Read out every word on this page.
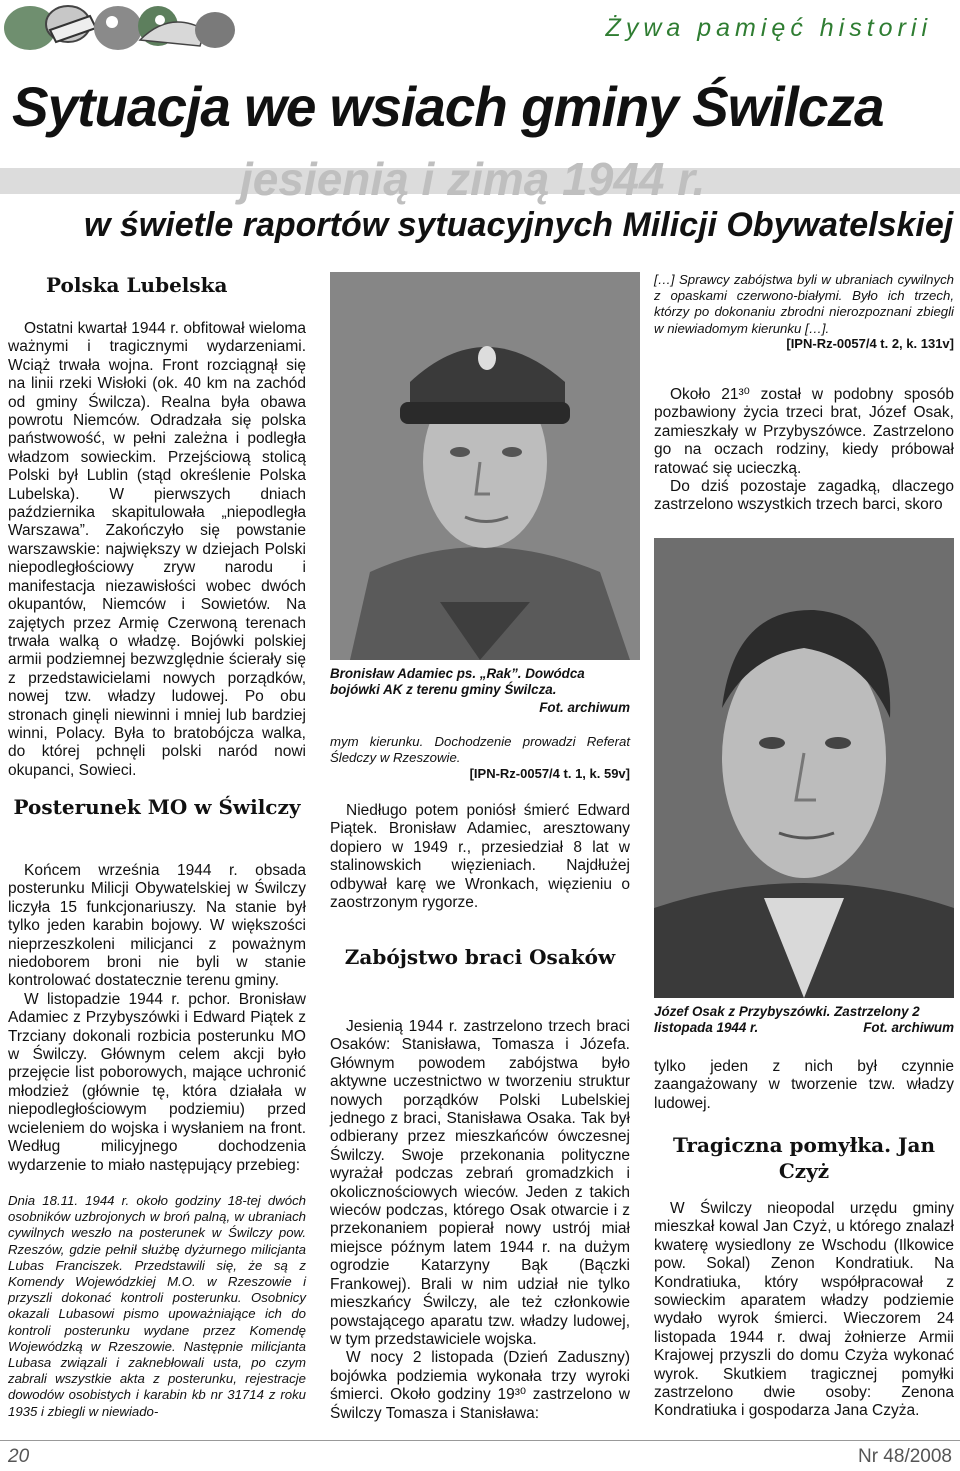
Żywa pamięć historii
jesienią i zimą 1944 r.
Sytuacja we wsiach gminy Świlcza
w świetle raportów sytuacyjnych Milicji Obywatelskiej
Polska Lubelska

Ostatni kwartał 1944 r. obfitował wieloma ważnymi i tragicznymi wydarzeniami. Wciąż trwała wojna. Front rozciągnął się na linii rzeki Wisłoki (ok. 40 km na zachód od gminy Świlcza). Realna była obawa powrotu Niemców. Odradzała się polska państwowość, w pełni zależna i podległa władzom sowieckim. Przejściową stolicą Polski był Lublin (stąd określenie Polska Lubelska). W pierwszych dniach października skapitulowała „niepodległa Warszawa”. Zakończyło się powstanie warszawskie: największy w dziejach Polski niepodległościowy zryw narodu i manifestacja niezawisłości wobec dwóch okupantów, Niemców i Sowietów. Na zajętych przez Armię Czerwoną terenach trwała walką o władzę. Bojówki polskiej armii podziemnej bezwzględnie ścierały się z przedstawicielami nowych porządków, nowej tzw. władzy ludowej. Po obu stronach ginęli niewinni i mniej lub bardziej winni, Polacy. Była to bratobójcza walka, do której pchnęli polski naród nowi okupanci, Sowieci.

Posterunek MO w Świlczy

Końcem września 1944 r. obsada posterunku Milicji Obywatelskiej w Świlczy liczyła 15 funkcjonariuszy. Na stanie był tylko jeden karabin bojowy. W większości nieprzeszkoleni milicjanci z poważnym niedoborem broni nie byli w stanie kontrolować dostatecznie terenu gminy.

W listopadzie 1944 r. pchor. Bronisław Adamiec z Przybyszówki i Edward Piątek z Trzciany dokonali rozbicia posterunku MO w Świlczy. Głównym celem akcji było przejęcie list poborowych, mające uchronić młodzież (głównie tę, która działała w niepodległościowym podziemiu) przed wcieleniem do wojska i wysłaniem na front. Według milicyjnego dochodzenia wydarzenie to miało następujący przebieg:

Dnia 18.11. 1944 r. około godziny 18-tej dwóch osobników uzbrojonych w broń palną, w ubraniach cywilnych weszło na posterunek w Świlczy pow. Rzeszów, gdzie pełnił służbę dyżurnego milicjanta Lubas Franciszek. Przedstawili się, że są z Komendy Wojewódzkiej M.O. w Rzeszowie i przyszli dokonać kontroli posterunku. Osobnicy okazali Lubasowi pismo upoważniające ich do kontroli posterunku wydane przez Komendę Wojewódzką w Rzeszowie. Następnie milicjanta Lubasa związali i zaknebłowali usta, po czym zabrali wszystkie akta z posterunku, rejestracje dowodów osobistych i karabin kb nr 31714 z roku 1935 i zbiegli w niewiado-
Bronisław Adamiec ps. „Rak”. Dowódca bojówki AK z terenu gminy Świlcza.
Fot. archiwum
mym kierunku. Dochodzenie prowadzi Referat Śledczy w Rzeszowie.
[IPN-Rz-0057/4 t. 1, k. 59v]

Niedługo potem poniósł śmierć Edward Piątek. Bronisław Adamiec, aresztowany dopiero w 1949 r., przesiedział 8 lat w stalinowskich więzieniach. Najdłużej odbywał karę we Wronkach, więzieniu o zaostrzonym rygorze.

Zabójstwo braci Osaków

Jesienią 1944 r. zastrzelono trzech braci Osaków: Stanisława, Tomasza i Józefa. Głównym powodem zabójstwa było aktywne uczestnictwo w tworzeniu struktur nowych porządków Polski Lubelskiej jednego z braci, Stanisława Osaka. Tak był odbierany przez mieszkańców ówczesnej Świlczy. Swoje przekonania polityczne wyrażał podczas zebrań gromadzkich i okolicznościowych wieców. Jeden z takich wieców podczas, którego Osak otwarcie i z przekonaniem popierał nowy ustrój miał miejsce późnym latem 1944 r. na dużym ogrodzie Katarzyny Bąk (Bączki Frankowej). Brali w nim udział nie tylko mieszkańcy Świlczy, ale też członkowie powstającego aparatu tzw. władzy ludowej, w tym przedstawiciele wojska.

W nocy 2 listopada (Dzień Zaduszny) bojówka podziemia wykonała trzy wyroki śmierci. Około godziny 19³⁰ zastrzelono w Świlczy Tomasza i Stanisława:

[…] Sprawcy zabójstwa byli w ubraniach cywilnych z opaskami czerwono-białymi. Było ich trzech, którzy po dokonaniu zbrodni nierozpoznani zbiegli w niewiadomym kierunku […].
[IPN-Rz-0057/4 t. 2, k. 131v]

Około 21³⁰ został w podobny sposób pozbawiony życia trzeci brat, Józef Osak, zamieszkały w Przybyszówce. Zastrzelono go na oczach rodziny, kiedy próbował ratować się ucieczką.

Do dziś pozostaje zagadką, dlaczego zastrzelono wszystkich trzech barci, skoro

Józef Osak z Przybyszówki. Zastrzelony 2 listopada 1944 r.	Fot. archiwum

tylko jeden z nich był czynnie zaangażowany w tworzenie tzw. władzy ludowej.

Tragiczna pomyłka. Jan Czyż

W Świlczy nieopodal urzędu gminy mieszkał kowal Jan Czyż, u którego znalazł kwaterę wysiedlony ze Wschodu (Ilkowice pow. Sokal) Zenon Kondratiuk. Na Kondratiuka, który współpracował z sowieckim aparatem władzy podziemie wydało wyrok śmierci. Wieczorem 24 listopada 1944 r. dwaj żołnierze Armii Krajowej przyszli do domu Czyża wykonać wyrok. Skutkiem tragicznej pomyłki zastrzelono dwie osoby: Zenona Kondratiuka i gospodarza Jana Czyża.

20	Nr 48/2008
